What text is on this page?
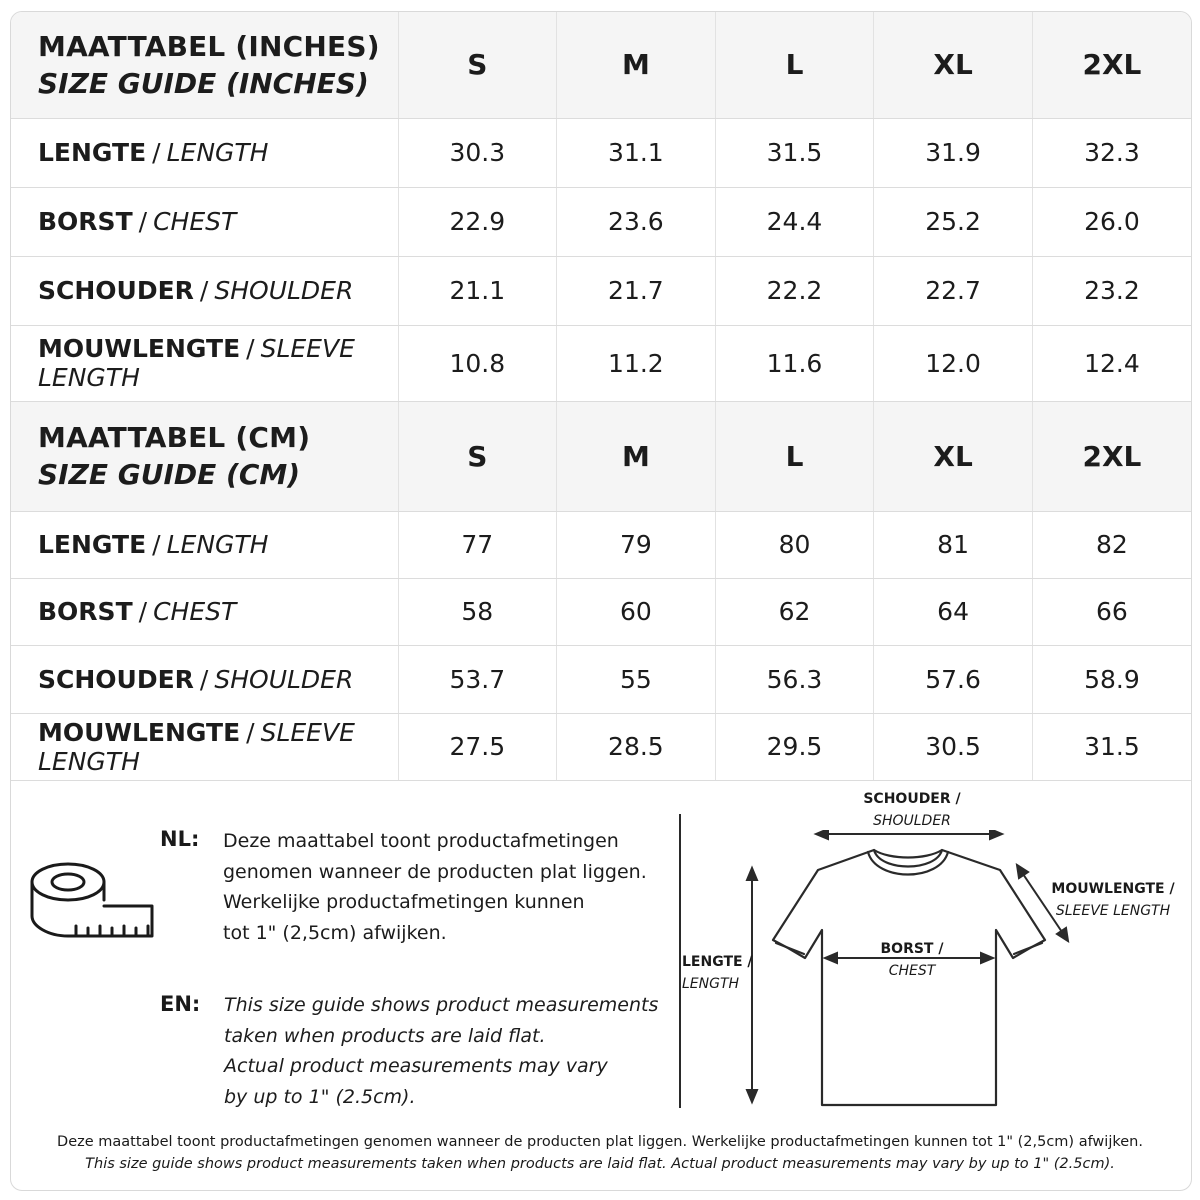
MAATTABEL (INCHES)
SIZE GUIDE (INCHES)	S	M	L	XL	2XL
LENGTE / LENGTH	30.3	31.1	31.5	31.9	32.3
BORST / CHEST	22.9	23.6	24.4	25.2	26.0
SCHOUDER / SHOULDER	21.1	21.7	22.2	22.7	23.2
MOUWLENGTE / SLEEVE LENGTH	10.8	11.2	11.6	12.0	12.4

MAATTABEL (CM)
SIZE GUIDE (CM)	S	M	L	XL	2XL
LENGTE / LENGTH	77	79	80	81	82
BORST / CHEST	58	60	62	64	66
SCHOUDER / SHOULDER	53.7	55	56.3	57.6	58.9
MOUWLENGTE / SLEEVE LENGTH	27.5	28.5	29.5	30.5	31.5
NL: Deze maattabel toont productafmetingen
genomen wanneer de producten plat liggen.
Werkelijke productafmetingen kunnen
tot 1" (2,5cm) afwijken.
EN: This size guide shows product measurements
taken when products are laid flat.
Actual product measurements may vary
by up to 1" (2.5cm).
SCHOUDER /
SHOULDER
MOUWLENGTE /
SLEEVE LENGTH
BORST /
CHEST
LENGTE /
LENGTH
Deze maattabel toont productafmetingen genomen wanneer de producten plat liggen. Werkelijke productafmetingen kunnen tot 1" (2,5cm) afwijken.
This size guide shows product measurements taken when products are laid flat. Actual product measurements may vary by up to 1" (2.5cm).
